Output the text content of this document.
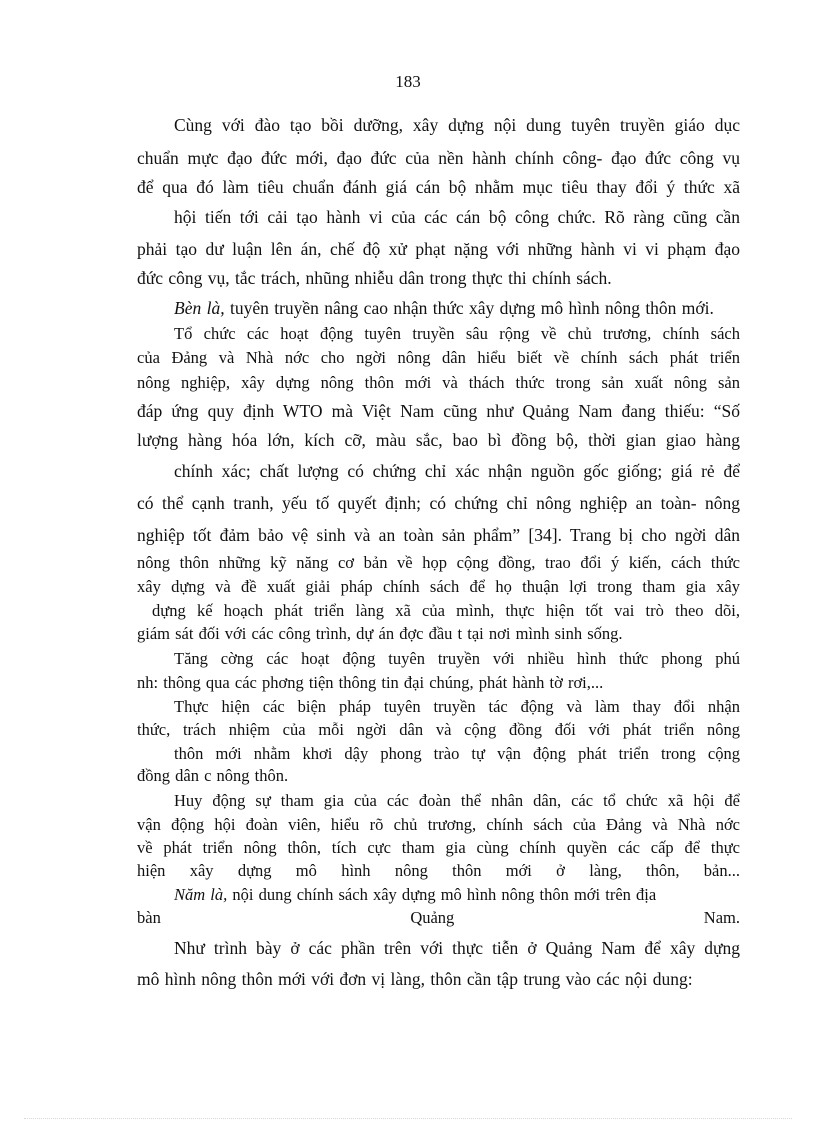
183
Cùng với đào tạo bồi dưỡng, xây dựng nội dung tuyên truyền giáo dục
chuẩn mực đạo đức mới, đạo đức của nền hành chính công- đạo đức công vụ
để qua đó làm tiêu chuẩn đánh giá cán bộ nhằm mục tiêu thay đổi ý thức xã
hội tiến tới cải tạo hành vi của các cán bộ công chức. Rõ ràng cũng cần
phải tạo dư luận lên án, chế độ xử phạt nặng với những hành vi vi phạm đạo
đức công vụ, tắc trách, nhũng nhiễu dân trong thực thi chính sách.
Bèn là, tuyên truyền nâng cao nhận thức xây dựng mô hình nông thôn mới.
Tổ chức các hoạt động tuyên truyền sâu rộng về chủ trương, chính sách
của Đảng và Nhà nớc cho ngời nông dân hiểu biết về chính sách phát triển
nông nghiệp, xây dựng nông thôn mới và thách thức trong sản xuất nông sản
đáp ứng quy định WTO mà Việt Nam cũng như Quảng Nam đang thiếu: “Số
lượng hàng hóa lớn, kích cỡ, màu sắc, bao bì đồng bộ, thời gian giao hàng
chính xác; chất lượng có chứng chỉ xác nhận nguồn gốc giống; giá rẻ để
có thể cạnh tranh, yếu tố quyết định; có chứng chỉ nông nghiệp an toàn- nông
nghiệp tốt đảm bảo vệ sinh và an toàn sản phẩm” [34]. Trang bị cho ngời dân
nông thôn những kỹ năng cơ bản về họp cộng đồng, trao đổi ý kiến, cách thức
xây dựng và đề xuất giải pháp chính sách để họ thuận lợi trong tham gia xây
dựng kế hoạch phát triển làng xã của mình, thực hiện tốt vai trò theo dõi,
giám sát đối với các công trình, dự án đợc đầu t tại nơi mình sinh sống.
Tăng cờng các hoạt động tuyên truyền với nhiều hình thức phong phú
nh: thông qua các phơng tiện thông tin đại chúng, phát hành tờ rơi,...
Thực hiện các biện pháp tuyên truyền tác động và làm thay đổi nhận
thức, trách nhiệm của mỗi ngời dân và cộng đồng đối với phát triển nông
thôn mới nhằm khơi dậy phong trào tự vận động phát triển trong cộng
đồng dân c nông thôn.
Huy động sự tham gia của các đoàn thể nhân dân, các tổ chức xã hội để
vận động hội đoàn viên, hiểu rõ chủ trương, chính sách của Đảng và Nhà nớc
về phát triển nông thôn, tích cực tham gia cùng chính quyền các cấp để thực
hiện xây dựng mô hình nông thôn mới ở làng, thôn, bản...
Năm là, nội dung chính sách xây dựng mô hình nông thôn mới trên địa
bàn Quảng Nam.
Như trình bày ở các phần trên với thực tiễn ở Quảng Nam để xây dựng
mô hình nông thôn mới với đơn vị làng, thôn cần tập trung vào các nội dung:
